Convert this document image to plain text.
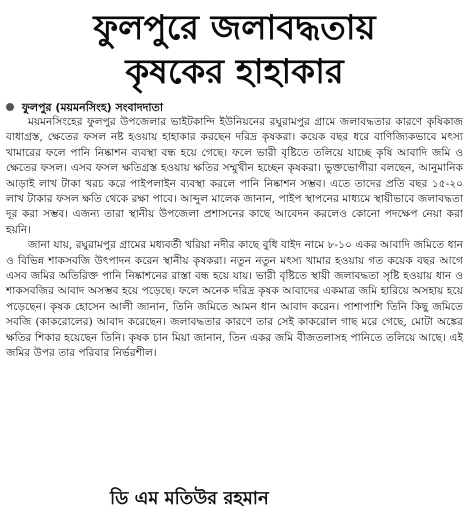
ফুলপুরে জলাবদ্ধতায়
কৃষকের হাহাকার
ফুলপুর (ময়মনসিংহ) সংবাদদাতা

ময়মনসিংহের ফুলপুর উপজেলার ভাইটকান্দি ইউনিয়নের রঘুরামপুর গ্রামে জলাবদ্ধতার কারণে কৃষিকাজ বাধাগ্রস্ত, ক্ষেতের ফসল নষ্ট হওয়ায় হাহাকার করছেন দরিদ্র কৃষকরা। কয়েক বছর ধরে বাণিজ্যিকভাবে মৎস্য খামারের ফলে পানি নিষ্কাশন ব্যবস্থা বন্ধ হয়ে গেছে। ফলে ভারী বৃষ্টিতে তলিয়ে যাচ্ছে কৃষি আবাদি জমি ও ক্ষেতের ফসল। এসব ফসল ক্ষতিগ্রস্ত হওয়ায় ক্ষতির সম্মুখীন হচ্ছেন কৃষকরা। ভুক্তভোগীরা বলছেন, আনুমানিক আড়াই লাখ টাকা খরচ করে পাইপলাইন ব্যবস্থা করলে পানি নিষ্কাশন সম্ভব। এতে তাদের প্রতি বছর ১৫-২০ লাখ টাকার ফসল ক্ষতি থেকে রক্ষা পাবে। আব্দুল মালেক জানান, পাইপ স্থাপনের মাধ্যমে স্থায়ীভাবে জলাবদ্ধতা দূর করা সম্ভব। এজন্য তারা স্থানীয় উপজেলা প্রশাসনের কাছে আবেদন করলেও কোনো পদক্ষেপ নেয়া করা হয়নি।

জানা যায়, রঘুরামপুর গ্রামের মধ্যবর্তী খরিয়া নদীর কাছে বুধি বাইদ নামে ৮-১০ একর আবাদি জমিতে ধান ও বিভিন্ন শাকসবজি উৎপাদন করেন স্থানীয় কৃষকরা। নতুন নতুন মৎস্য খামার হওয়ায় গত কয়েক বছর আগে এসব জমির অতিরিক্ত পানি নিষ্কাশনের রাস্তা বন্ধ হয়ে যায়। ভারী বৃষ্টিতে স্থায়ী জলাবদ্ধতা সৃষ্টি হওয়ায় ধান ও শাকসবজির আবাদ অসম্ভব হয়ে পড়েছে। ফলে অনেক দরিদ্র কৃষক আবাদের একমাত্র জমি হারিয়ে অসহায় হয়ে পড়েছেন। কৃষক হোসেন আলী জানান, তিনি জমিতে আমন ধান আবাদ করেন। পাশাপাশি তিনি কিছু জমিতে সবজি (কাকরোলের) আবাদ করেছেন। জলাবদ্ধতার কারণে তার সেই কাকরোল গাছ মরে গেছে, মোটা অঙ্কের ক্ষতির শিকার হয়েছেন তিনি। কৃষক চান মিয়া জানান, তিন একর জমি বীজতলাসহ পানিতে তলিয়ে আছে। এই জমির উপর তার পরিবার নির্ভরশীল।

ডি এম মতিউর রহমান
